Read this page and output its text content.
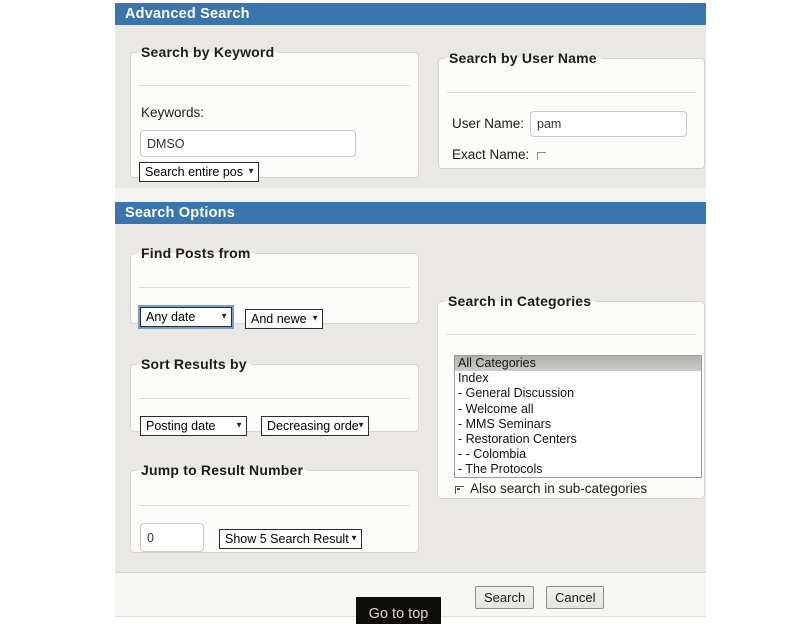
Advanced Search
Search Options
Search by Keyword
Keywords:
DMSO
Search entire pos ▼
Search by User Name
User Name:
pam
Exact Name:
Find Posts from
Any date	▼	And newe ▼
Sort Results by
Posting date ▼	Decreasing orde
▼
Jump to Result Number
0
Show 5 Search Result ▼
Search in Categories
All Categories
Index
- General Discussion
- Welcome all
- MMS Seminars
- Restoration Centers
- - Colombia
- The Protocols
Also search in sub-categories
Search	Cancel
Go to top
